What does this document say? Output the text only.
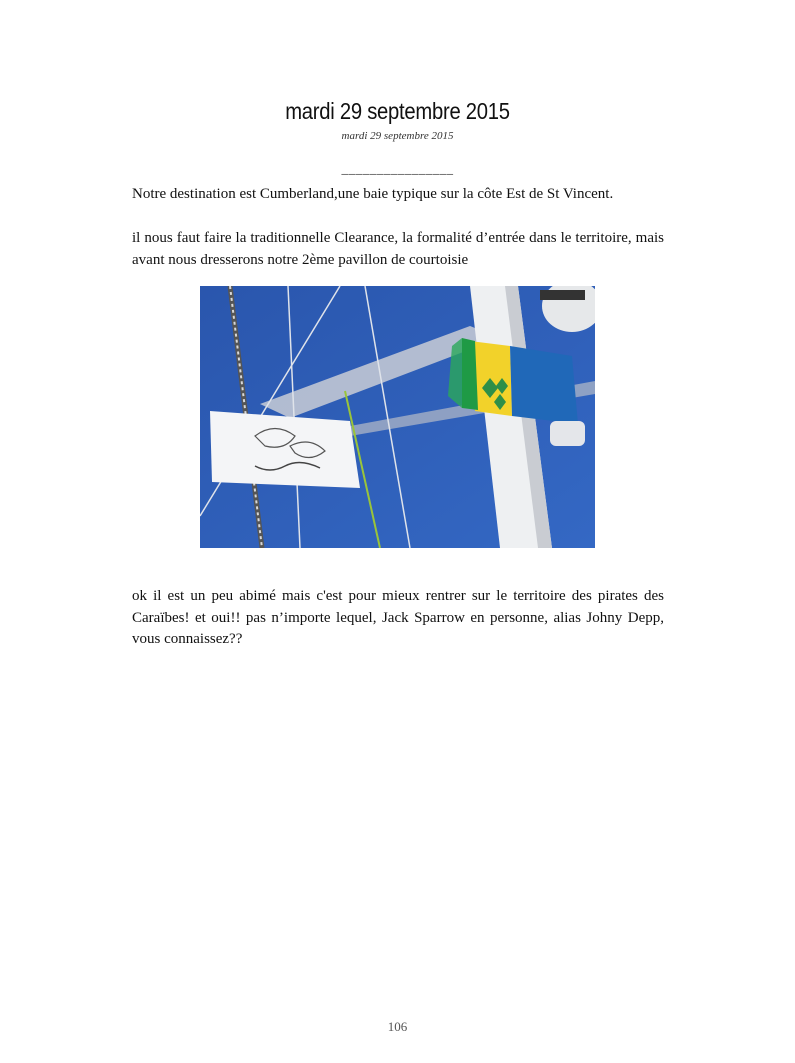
mardi 29 septembre 2015
mardi 29 septembre 2015
________________
Notre destination est Cumberland,une baie typique sur la côte Est de St Vincent.
il nous faut faire la traditionnelle Clearance, la formalité d’entrée dans le territoire, mais avant nous dresserons notre 2ème pavillon de courtoisie
ok il est un peu abimé mais c'est pour mieux rentrer sur le territoire des pirates des Caraïbes! et oui!! pas n’importe lequel, Jack Sparrow en personne, alias Johny Depp, vous connaissez??
106
